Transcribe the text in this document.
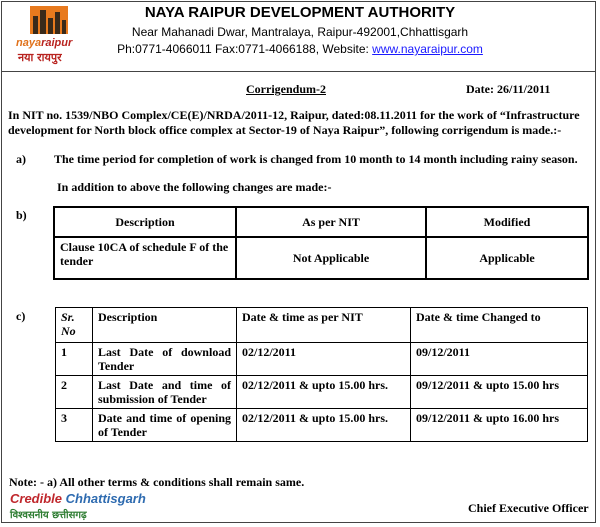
nayaraipur
नया रायपुर
NAYA RAIPUR DEVELOPMENT AUTHORITY
Near Mahanadi Dwar, Mantralaya, Raipur-492001,Chhattisgarh
Ph:0771-4066011 Fax:0771-4066188, Website: www.nayaraipur.com
Corrigendum-2	Date: 26/11/2011
In NIT no. 1539/NBO Complex/CE(E)/NRDA/2011-12, Raipur, dated:08.11.2011 for the work of “Infrastructure development for North block office complex at Sector-19 of Naya Raipur”, following corrigendum is made.:-
a) The time period for completion of work is changed from 10 month to 14 month including rainy season.
In addition to above the following changes are made:-
b)	Description	As per NIT	Modified
Clause 10CA of schedule F of the tender	Not Applicable	Applicable
c)	Sr. No	Description	Date & time as per NIT	Date & time Changed to
1	Last Date of download Tender	02/12/2011	09/12/2011
2	Last Date and time of submission of Tender	02/12/2011 & upto 15.00 hrs.	09/12/2011 & upto 15.00 hrs
3	Date and time of opening of Tender	02/12/2011 & upto 15.00 hrs.	09/12/2011 & upto 16.00 hrs
Note: - a) All other terms & conditions shall remain same.
Credible Chhattisgarh
विश्वसनीय छत्तीसगढ़
Chief Executive Officer
